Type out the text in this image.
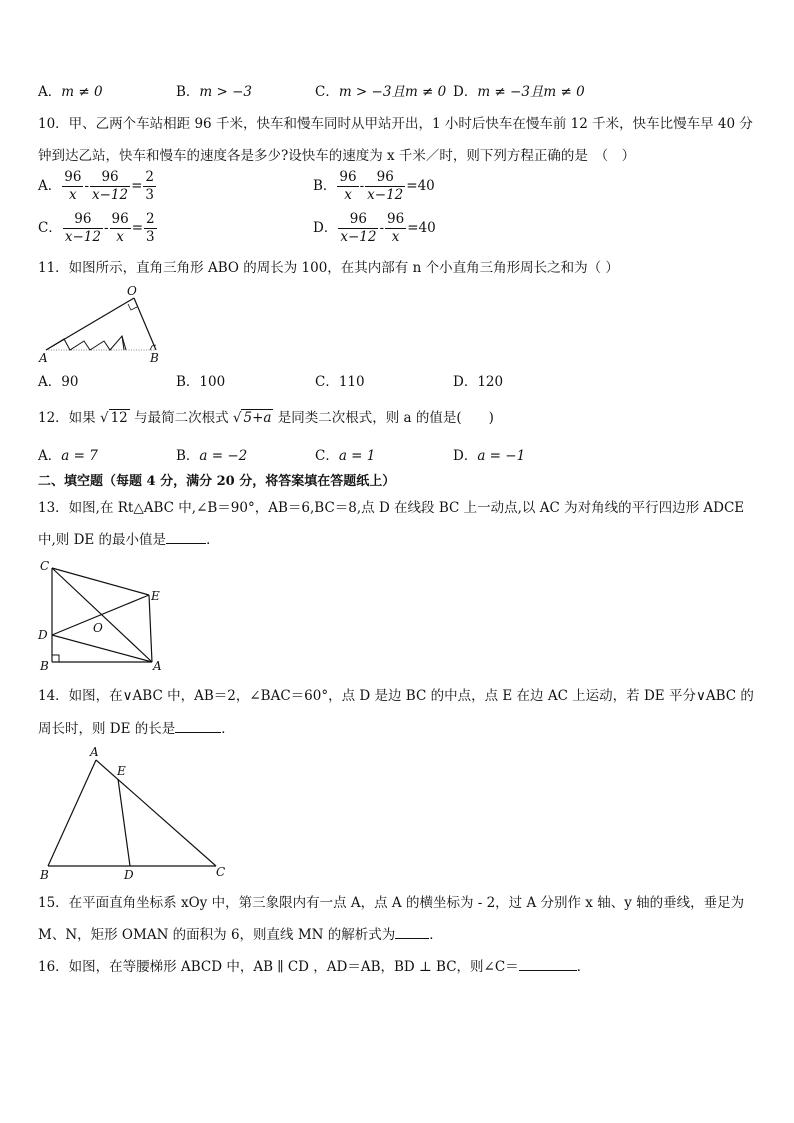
A．m ≠ 0	B．m > −3	C．m > −3且m ≠ 0 D．m ≠ −3且m ≠ 0
10．甲、乙两个车站相距 96 千米，快车和慢车同时从甲站开出，1 小时后快车在慢车前 12 千米，快车比慢车早 40 分
钟到达乙站，快车和慢车的速度各是多少?设快车的速度为 x 千米／时，则下列方程正确的是　（　）
A． $\frac{96}{x} - \frac{96}{x-12} = \frac{2}{3}$	B． $\frac{96}{x} - \frac{96}{x-12} =40$
C． $\frac{96}{x-12} - \frac{96}{x} = \frac{2}{3}$	D． $\frac{96}{x-12} - \frac{96}{x} =40$
11．如图所示，直角三角形 ABO 的周长为 100，在其内部有 n 个小直角三角形周长之和为（ ）
O
A	B
A．90	B．100	C．110	D．120
12．如果 √ 12 与最简二次根式 √ 5+a 是同类二次根式，则 a 的值是(　　)
A．a = 7	B．a = −2	C．a = 1	D．a = −1
二、填空题（每题 4 分，满分 20 分，将答案填在答题纸上）
13．如图,在 Rt△ABC 中,∠B＝90°，AB＝6,BC＝8,点 D 在线段 BC 上一动点,以 AC 为对角线的平行四边形 ADCE
中,则 DE 的最小值是	．
C
E
O
D
B	A
14．如图，在∨ABC 中，AB＝2，∠BAC＝60°，点 D 是边 BC 的中点，点 E 在边 AC 上运动，若 DE 平分∨ABC 的
周长时，则 DE 的长是	．
A
E
B	D	C
15．在平面直角坐标系 xOy 中，第三象限内有一点 A，点 A 的横坐标为 - 2，过 A 分别作 x 轴、y 轴的垂线，垂足为
M、N，矩形 OMAN 的面积为 6，则直线 MN 的解析式为	．
16．如图，在等腰梯形 ABCD 中，AB ∥ CD ，AD＝AB，BD ⊥ BC，则∠C＝	．
